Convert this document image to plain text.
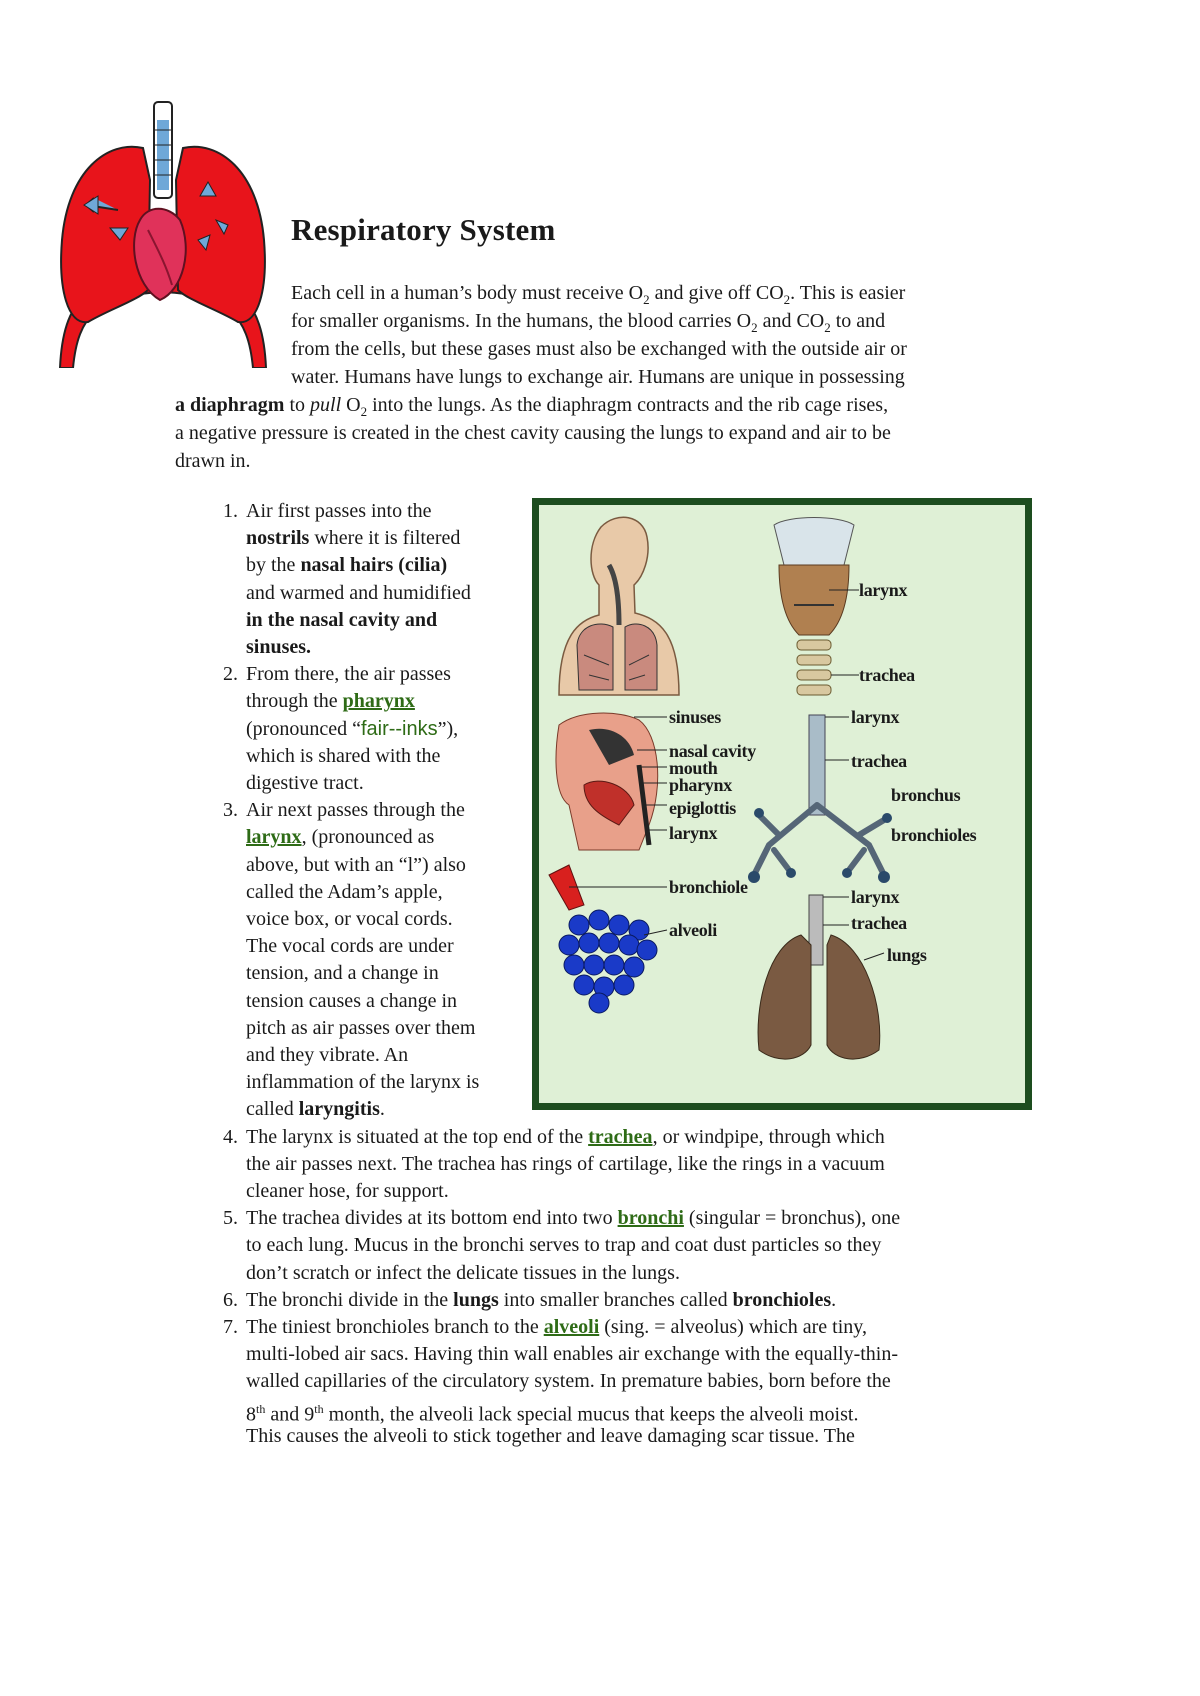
Respiratory System
Each cell in a human’s body must receive $O_2$ and give off $CO_2$. This is easier
for smaller organisms. In the humans, the blood carries $O_2$ and $CO_2$ to and
from the cells, but these gases must also be exchanged with the outside air or
water. Humans have lungs to exchange air. Humans are unique in possessing
a diaphragm to pull $O_2$ into the lungs. As the diaphragm contracts and the rib cage rises,
a negative pressure is created in the chest cavity causing the lungs to expand and air to be
drawn in.
1. Air first passes into the
nostrils where it is filtered
by the nasal hairs (cilia)
and warmed and humidified
in the nasal cavity and
sinuses.
2. From there, the air passes
through the pharynx
(pronounced “fair--inks”),
which is shared with the
digestive tract.
3. Air next passes through the
larynx, (pronounced as
above, but with an “l”) also
called the Adam’s apple,
voice box, or vocal cords.
The vocal cords are under
tension, and a change in
tension causes a change in
pitch as air passes over them
and they vibrate. An
inflammation of the larynx is
called laryngitis.
4. The larynx is situated at the top end of the trachea, or windpipe, through which
the air passes next. The trachea has rings of cartilage, like the rings in a vacuum
cleaner hose, for support.
5. The trachea divides at its bottom end into two bronchi (singular = bronchus), one
to each lung. Mucus in the bronchi serves to trap and coat dust particles so they
don’t scratch or infect the delicate tissues in the lungs.
6. The bronchi divide in the lungs into smaller branches called bronchioles.
7. The tiniest bronchioles branch to the alveoli (sing. = alveolus) which are tiny,
multi-lobed air sacs. Having thin wall enables air exchange with the equally-thin-
walled capillaries of the circulatory system. In premature babies, born before the
8th and 9th month, the alveoli lack special mucus that keeps the alveoli moist.
This causes the alveoli to stick together and leave damaging scar tissue. The
larynx
trachea
sinuses
nasal cavity
mouth
pharynx
epiglottis
larynx
larynx
trachea
bronchus
bronchioles
bronchiole
alveoli
larynx
trachea
lungs
